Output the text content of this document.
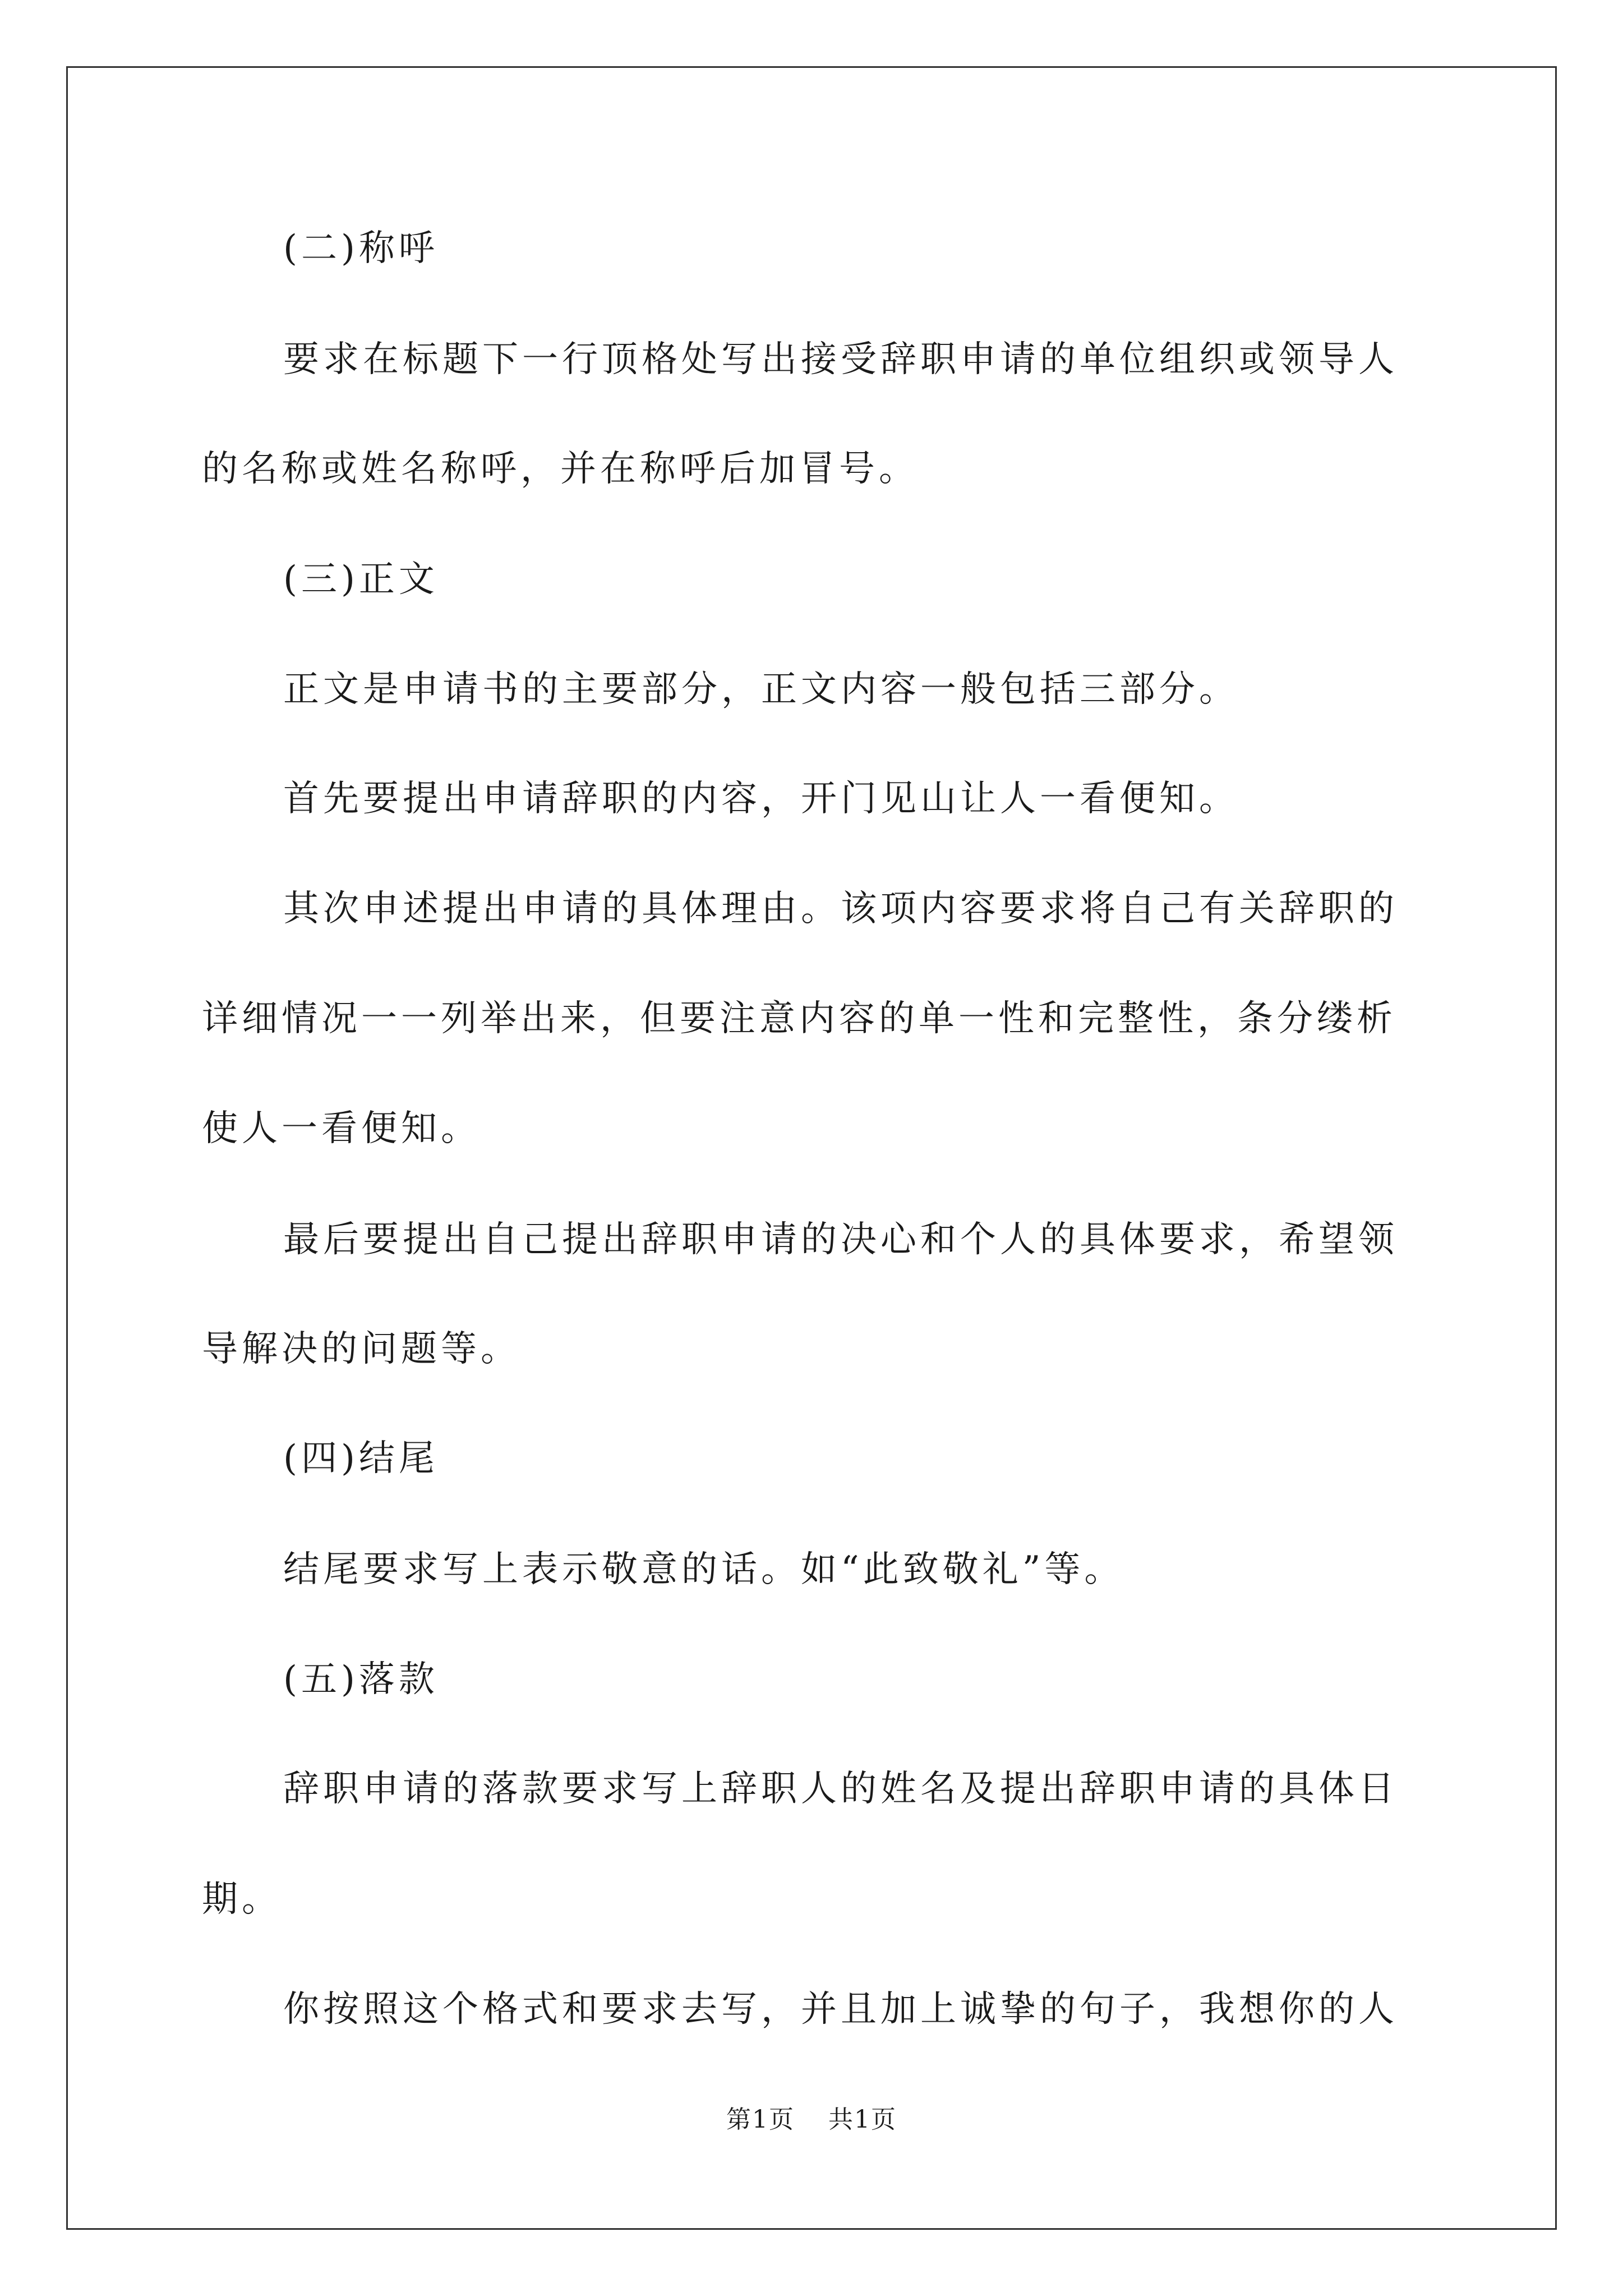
(二)称呼
要求在标题下一行顶格处写出接受辞职申请的单位组织或领导人
的名称或姓名称呼，并在称呼后加冒号。
(三)正文
正文是申请书的主要部分，正文内容一般包括三部分。
首先要提出申请辞职的内容，开门见山让人一看便知。
其次申述提出申请的具体理由。该项内容要求将自己有关辞职的
详细情况一一列举出来，但要注意内容的单一性和完整性，条分缕析
使人一看便知。
最后要提出自己提出辞职申请的决心和个人的具体要求，希望领
导解决的问题等。
(四)结尾
结尾要求写上表示敬意的话。如“此致敬礼”等。
(五)落款
辞职申请的落款要求写上辞职人的姓名及提出辞职申请的具体日
期。
你按照这个格式和要求去写，并且加上诚挚的句子，我想你的人
第1页 共1页
